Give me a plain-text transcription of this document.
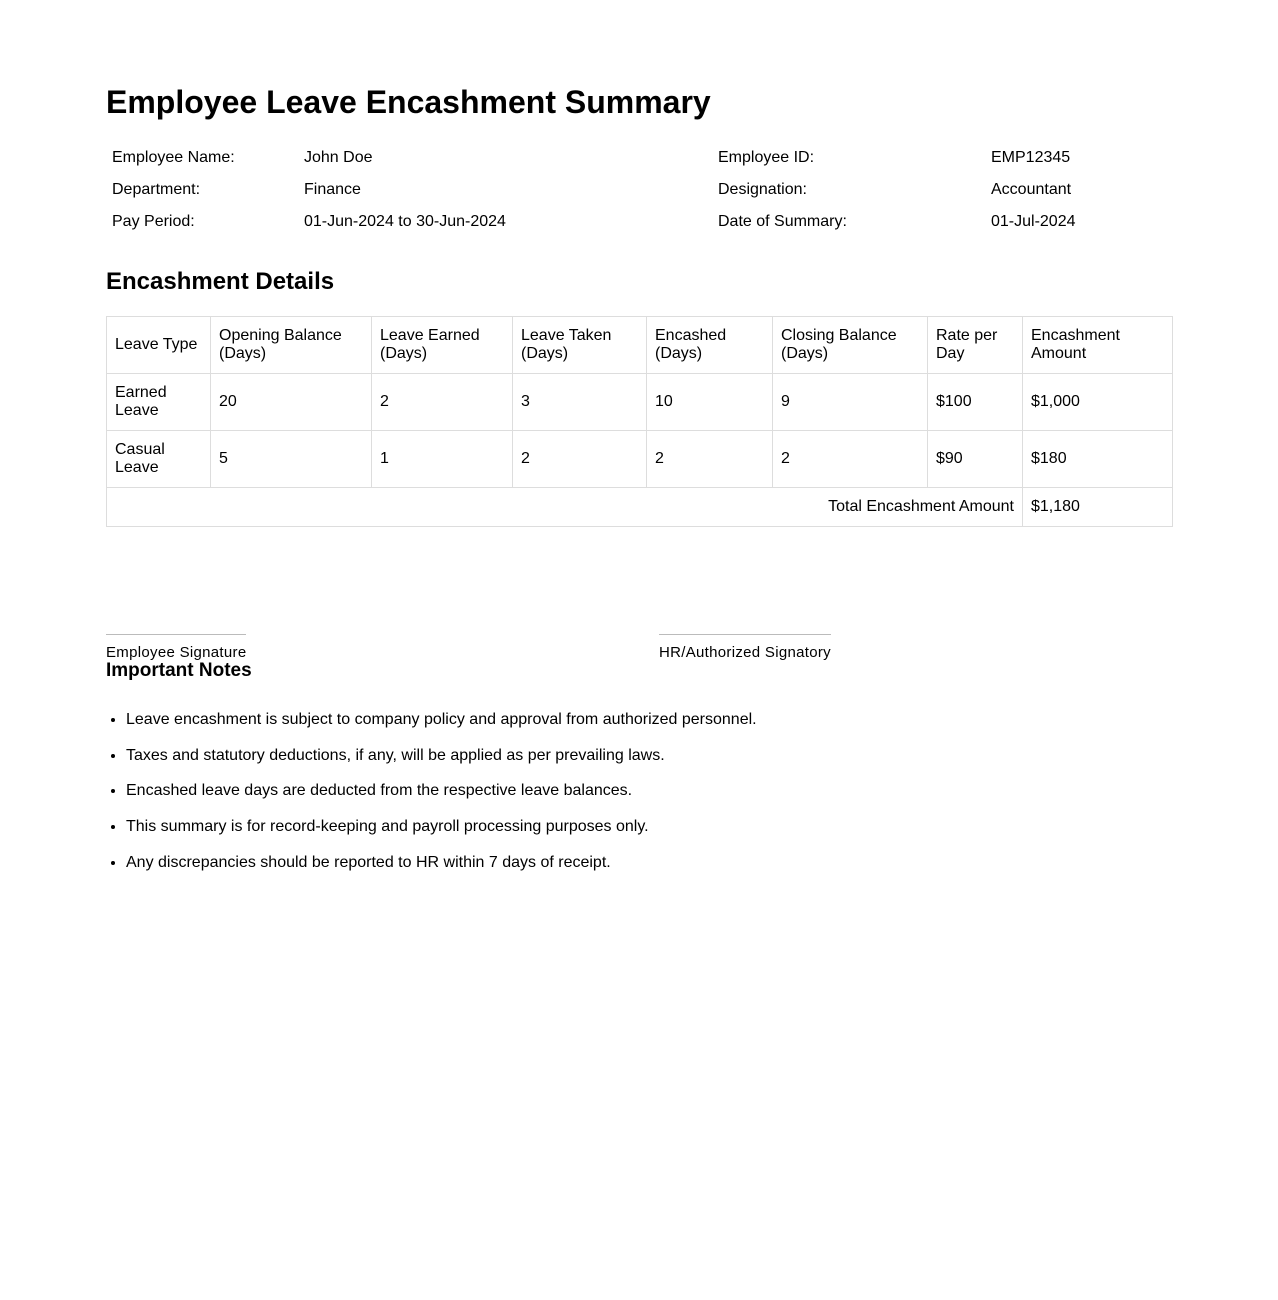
Employee Leave Encashment Summary
Employee Name:	John Doe	Employee ID:	EMP12345
Department:	Finance	Designation:	Accountant
Pay Period:	01-Jun-2024 to 30-Jun-2024	Date of Summary:	01-Jul-2024
Encashment Details
Leave Type	Opening Balance (Days)	Leave Earned (Days)	Leave Taken (Days)	Encashed (Days)	Closing Balance (Days)	Rate per Day	Encashment Amount
Earned Leave	20	2	3	10	9	$100	$1,000
Casual Leave	5	1	2	2	2	$90	$180
Total Encashment Amount							$1,180
Employee Signature	HR/Authorized Signatory
Important Notes
• Leave encashment is subject to company policy and approval from authorized personnel.
• Taxes and statutory deductions, if any, will be applied as per prevailing laws.
• Encashed leave days are deducted from the respective leave balances.
• This summary is for record-keeping and payroll processing purposes only.
• Any discrepancies should be reported to HR within 7 days of receipt.
